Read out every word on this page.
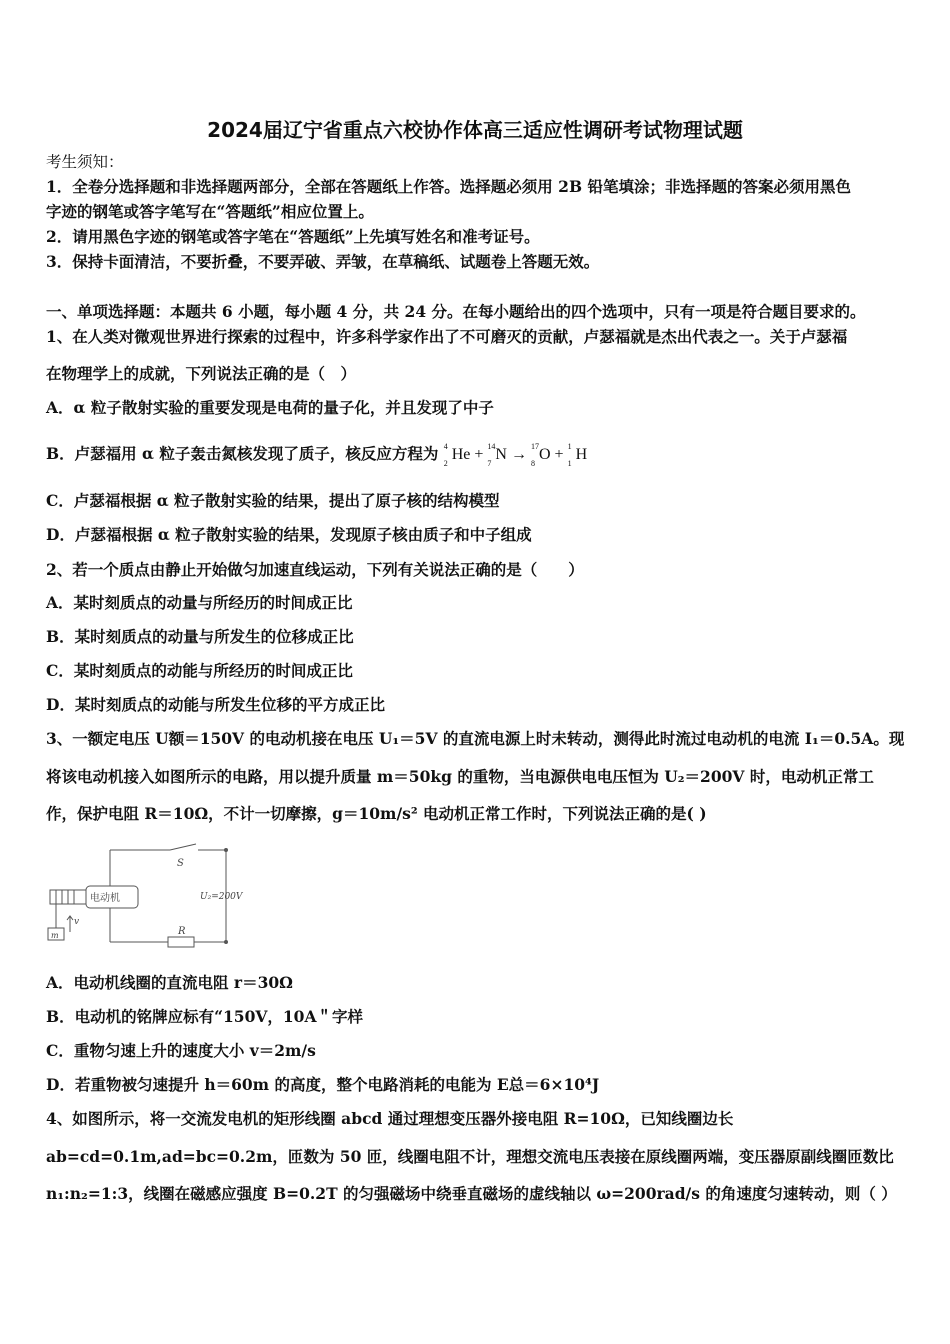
2024届辽宁省重点六校协作体高三适应性调研考试物理试题
考生须知：
1．全卷分选择题和非选择题两部分，全部在答题纸上作答。选择题必须用 2B 铅笔填涂；非选择题的答案必须用黑色
字迹的钢笔或答字笔写在“答题纸”相应位置上。
2．请用黑色字迹的钢笔或答字笔在“答题纸”上先填写姓名和准考证号。
3．保持卡面清洁，不要折叠，不要弄破、弄皱，在草稿纸、试题卷上答题无效。
一、单项选择题：本题共 6 小题，每小题 4 分，共 24 分。在每小题给出的四个选项中，只有一项是符合题目要求的。
1、在人类对微观世界进行探索的过程中，许多科学家作出了不可磨灭的贡献，卢瑟福就是杰出代表之一。关于卢瑟福
在物理学上的成就，下列说法正确的是（　）
A．α 粒子散射实验的重要发现是电荷的量子化，并且发现了中子
B．卢瑟福用 α 粒子轰击氮核发现了质子，核反应方程为 4
2
He + 14
7
N → 17
8
O + 1
1
H
C．卢瑟福根据 α 粒子散射实验的结果，提出了原子核的结构模型
D．卢瑟福根据 α 粒子散射实验的结果，发现原子核由质子和中子组成
2、若一个质点由静止开始做匀加速直线运动，下列有关说法正确的是（　　）
A．某时刻质点的动量与所经历的时间成正比
B．某时刻质点的动量与所发生的位移成正比
C．某时刻质点的动能与所经历的时间成正比
D．某时刻质点的动能与所发生位移的平方成正比
3、一额定电压 U额＝150V 的电动机接在电压 U₁＝5V 的直流电源上时未转动，测得此时流过电动机的电流 I₁＝0.5A。现
将该电动机接入如图所示的电路，用以提升质量 m＝50kg 的重物，当电源供电电压恒为 U₂＝200V 时，电动机正常工
作，保护电阻 R＝10Ω，不计一切摩擦，g＝10m/s² 电动机正常工作时，下列说法正确的是( )
S
电动机	U₂=200V
R
m
v
A．电动机线圈的直流电阻 r＝30Ω
B．电动机的铭牌应标有“150V，10A＂字样
C．重物匀速上升的速度大小 v＝2m/s
D．若重物被匀速提升 h＝60m 的高度，整个电路消耗的电能为 E总＝6×10⁴J
4、如图所示，将一交流发电机的矩形线圈 abcd 通过理想变压器外接电阻 R=10Ω，已知线圈边长
ab=cd=0.1m,ad=bc=0.2m，匝数为 50 匝，线圈电阻不计，理想交流电压表接在原线圈两端，变压器原副线圈匝数比
n₁:n₂=1:3，线圈在磁感应强度 B=0.2T 的匀强磁场中绕垂直磁场的虚线轴以 ω=200rad/s 的角速度匀速转动，则（ ）
